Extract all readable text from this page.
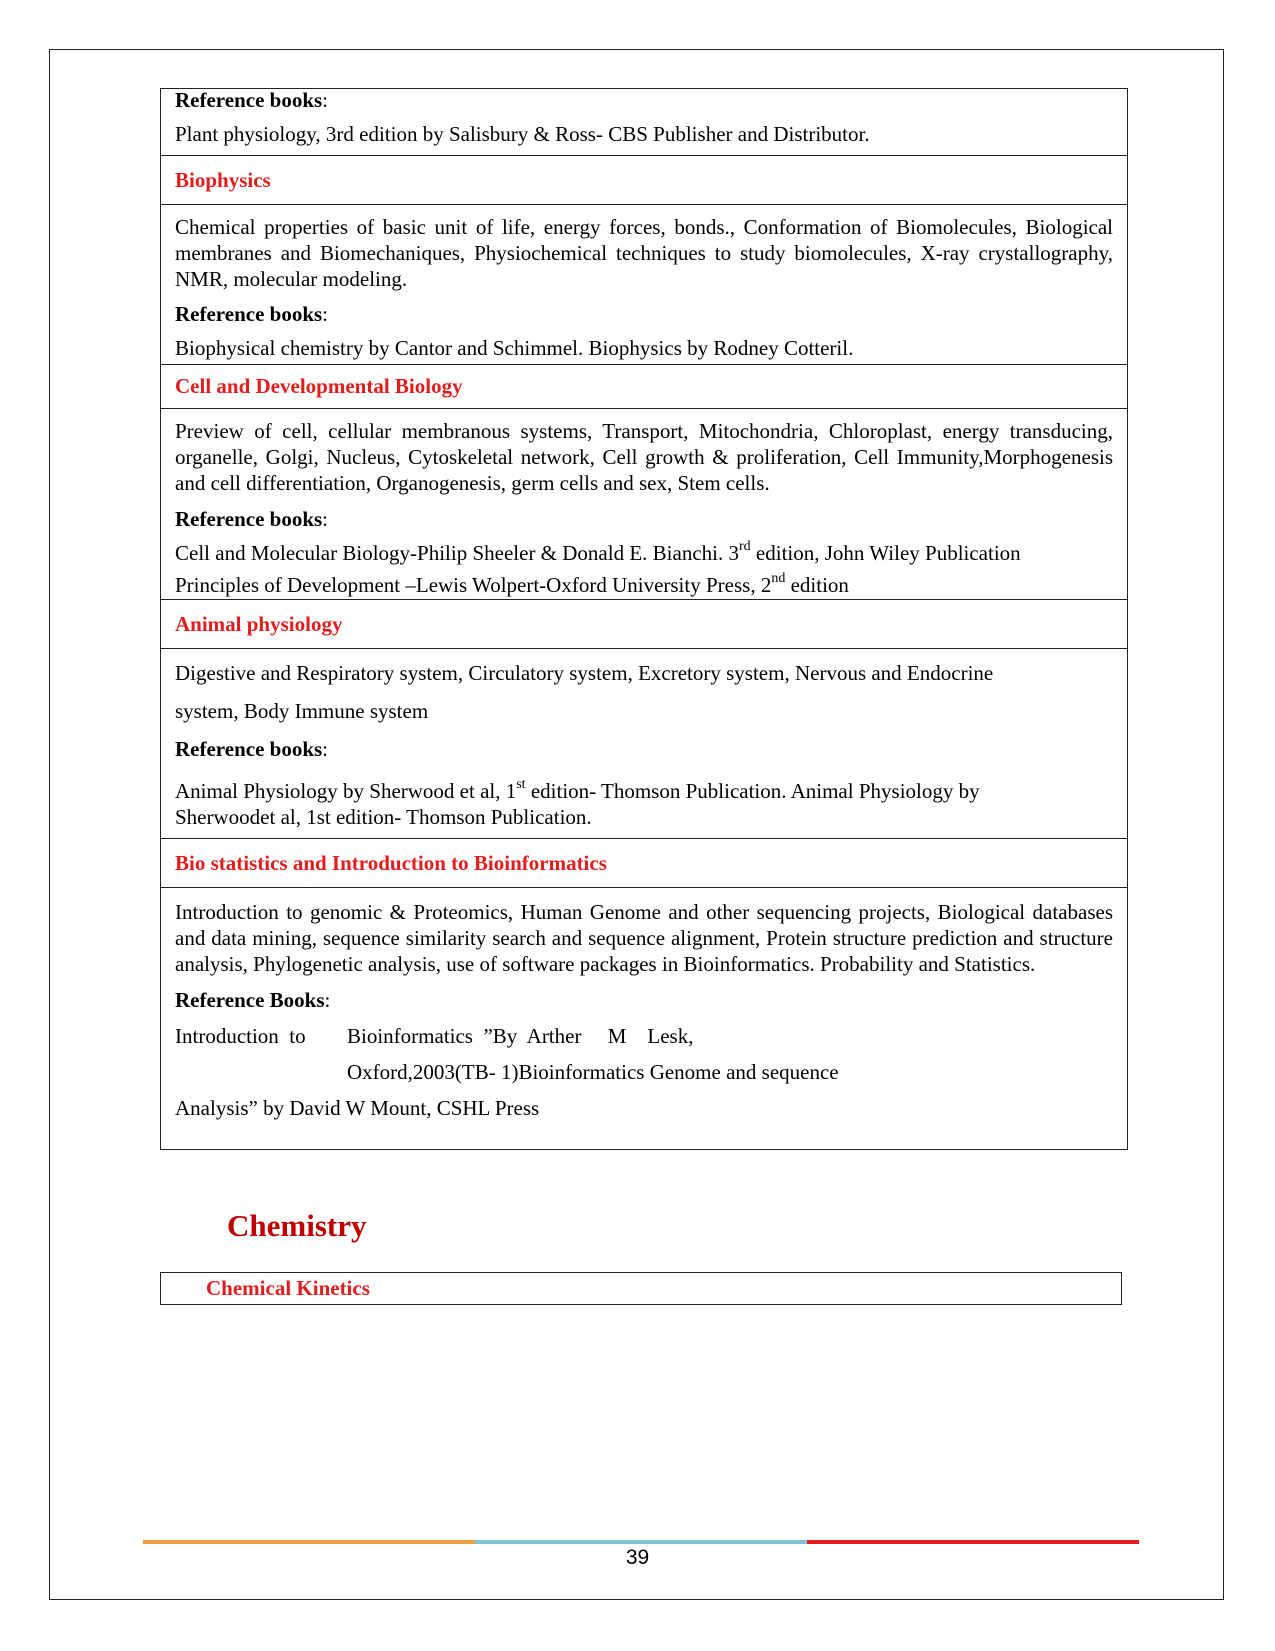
Reference books:

Plant physiology, 3rd edition by Salisbury & Ross- CBS Publisher and Distributor.

Biophysics

Chemical properties of basic unit of life, energy forces, bonds., Conformation of Biomolecules, Biological membranes and Biomechaniques, Physiochemical techniques to study biomolecules, X-ray crystallography, NMR, molecular modeling.

Reference books:

Biophysical chemistry by Cantor and Schimmel. Biophysics by Rodney Cotteril.

Cell and Developmental Biology

Preview of cell, cellular membranous systems, Transport, Mitochondria, Chloroplast, energy transducing, organelle, Golgi, Nucleus, Cytoskeletal network, Cell growth & proliferation, Cell Immunity,Morphogenesis and cell differentiation, Organogenesis, germ cells and sex, Stem cells.

Reference books:

Cell and Molecular Biology-Philip Sheeler & Donald E. Bianchi. 3rd edition, John Wiley Publication

Principles of Development –Lewis Wolpert-Oxford University Press, 2nd edition

Animal physiology

Digestive and Respiratory system, Circulatory system, Excretory system, Nervous and Endocrine

system, Body Immune system

Reference books:

Animal Physiology by Sherwood et al, 1st edition- Thomson Publication. Animal Physiology by

Sherwoodet al, 1st edition- Thomson Publication.

Bio statistics and Introduction to Bioinformatics

Introduction to genomic & Proteomics, Human Genome and other sequencing projects, Biological databases and data mining, sequence similarity search and sequence alignment, Protein structure prediction and structure analysis, Phylogenetic analysis, use of software packages in Bioinformatics. Probability and Statistics.

Reference Books:

Introduction  to Bioinformatics  ”By  Arther     M    Lesk,

Oxford,2003(TB- 1)Bioinformatics Genome and sequence

Analysis” by David W Mount, CSHL Press

Chemistry
Chemical Kinetics
39
